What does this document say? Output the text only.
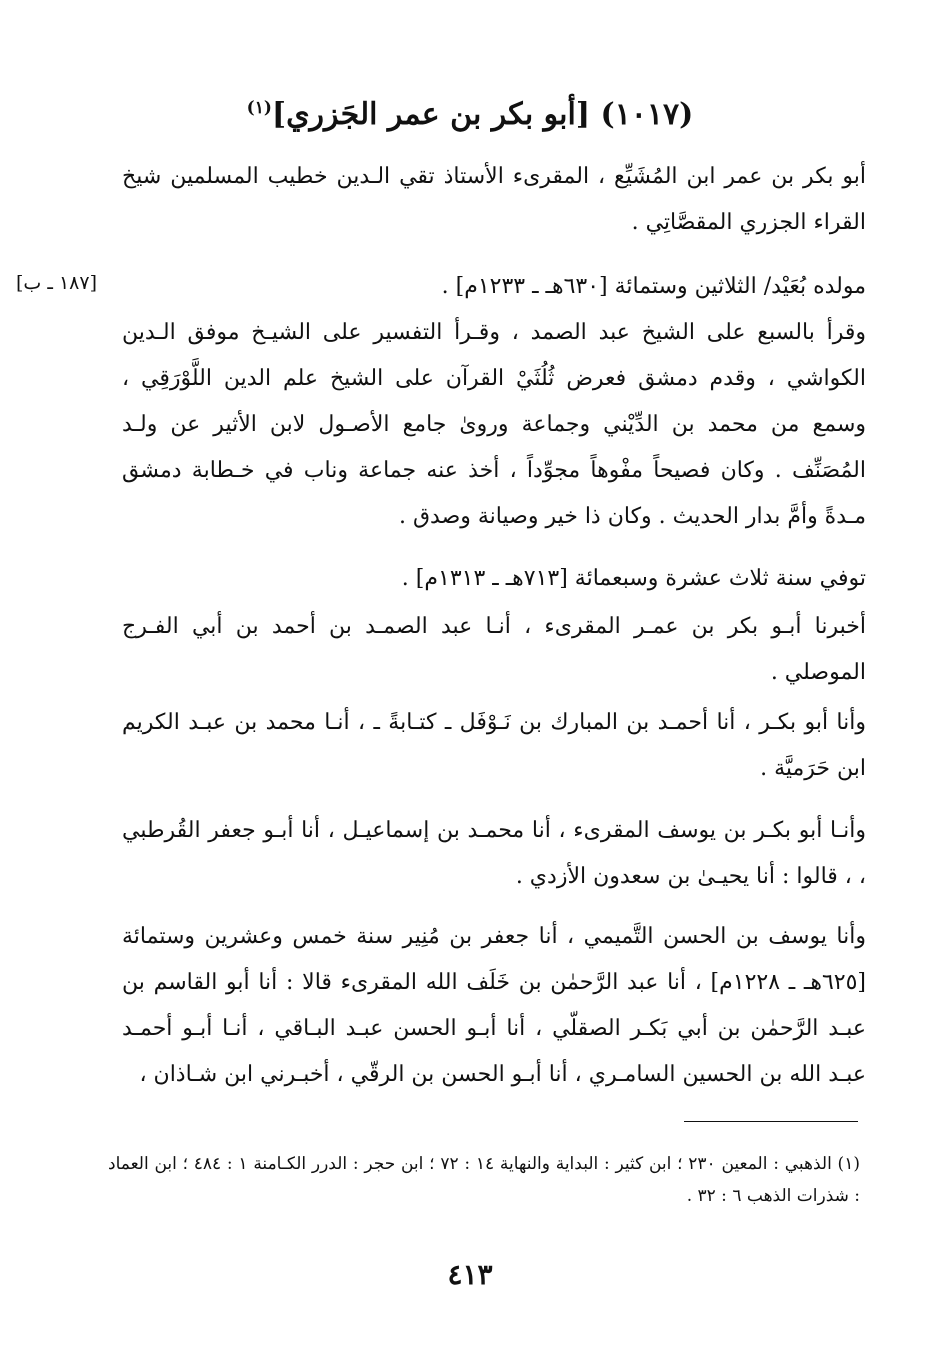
(١٠١٧) [أبو بكر بن عمر الجَزري]$^{(١)}$
[١٨٧ ـ ب]

أبو بكر بن عمر ابن المُشَيِّع ، المقرىء الأستاذ تقي الـدين خطيب المسلمين شيخ القراء الجزري المقصَّاتِي .

مولده بُعَيْد/ الثلاثين وستمائة [٦٣٠هـ ـ ١٢٣٣م] .

وقرأ بالسبع على الشيخ عبد الصمد ، وقـرأ التفسير على الشيـخ موفق الـدين الكواشي ، وقدم دمشق فعرض ثُلُثَيْ القرآن على الشيخ علم الدين اللَّوْرَقِي ، وسمع من محمد بن الدِّيْني وجماعة وروىٰ جامع الأصـول لابن الأثير عن ولـد المُصَنِّف . وكان فصيحاً مفْوهاً مجوِّداً ، أخذ عنه جماعة وناب في خـطابة دمشق مـدةً وأمَّ بدار الحديث . وكان ذا خير وصيانة وصدق .

توفي سنة ثلاث عشرة وسبعمائة [٧١٣هـ ـ ١٣١٣م] .

أخبرنا أبـو بكر بن عمـر المقرىء ، أنـا عبد الصمـد بن أحمد بن أبي الفـرج الموصلي .

وأنا أبو بكـر ، أنا أحمـد بن المبارك بن نَـوْفَل ـ كتـابةً ـ ، أنـا محمد بن عبـد الكريم ابن حَرَميَّة .

وأنـا أبو بكـر بن يوسف المقرىء ، أنا محمـد بن إسماعيـل ، أنا أبـو جعفر القُرطبي ، ، قالوا : أنا يحيـىٰ بن سعدون الأزدي .

وأنا يوسف بن الحسن التَّميمي ، أنا جعفر بن مُنِير سنة خمس وعشرين وستمائة [٦٢٥هـ ـ ١٢٢٨م] ، أنا عبد الرَّحمٰن بن خَلَف الله المقرىء قالا : أنا أبو القاسم بن عبـد الرَّحمٰن بن أبي بَكـر الصقلّي ، أنا أبـو الحسن عبـد البـاقي ، أنـا أبـو أحمـد عبـد الله بن الحسين السامـري ، أنا أبـو الحسن بن الرقّي ، أخبـرني ابن شـاذان ،

(١) الذهبي : المعين ٢٣٠ ؛ ابن كثير : البداية والنهاية ١٤ : ٧٢ ؛ ابن حجر : الدرر الكـامنة ١ : ٤٨٤ ؛ ابن العماد : شذرات الذهب ٦ : ٣٢ .

٤١٣
